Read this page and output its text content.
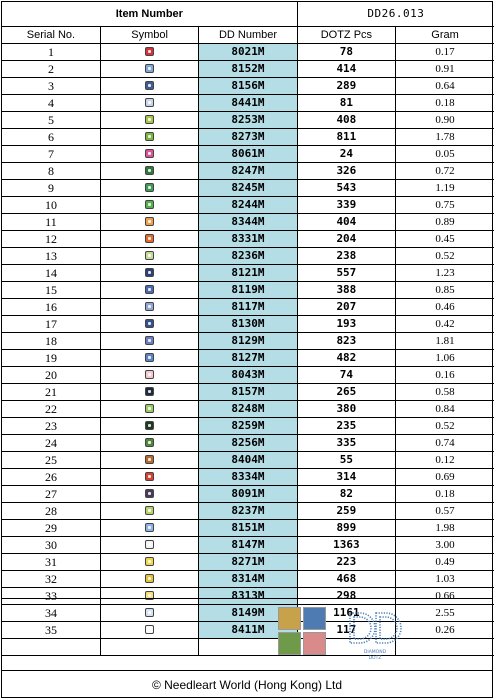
Item Number			DD26.013	
Serial No.	Symbol	DD Number	DOTZ Pcs	Gram
1		8021M	78	0.17
2		8152M	414	0.91
3		8156M	289	0.64
4		8441M	81	0.18
5		8253M	408	0.90
6		8273M	811	1.78
7		8061M	24	0.05
8		8247M	326	0.72
9		8245M	543	1.19
10		8244M	339	0.75
11		8344M	404	0.89
12		8331M	204	0.45
13		8236M	238	0.52
14		8121M	557	1.23
15		8119M	388	0.85
16		8117M	207	0.46
17		8130M	193	0.42
18		8129M	823	1.81
19		8127M	482	1.06
20		8043M	74	0.16
21		8157M	265	0.58
22		8248M	380	0.84
23		8259M	235	0.52
24		8256M	335	0.74
25		8404M	55	0.12
26		8334M	314	0.69
27		8091M	82	0.18
28		8237M	259	0.57
29		8151M	899	1.98
30		8147M	1363	3.00
31		8271M	223	0.49
32		8314M	468	1.03
33		8313M	298	0.66
34		8149M	1161	2.55
35		8411M	117	0.26

DIAMOND
DOTZ
© Needleart World (Hong Kong) Ltd
